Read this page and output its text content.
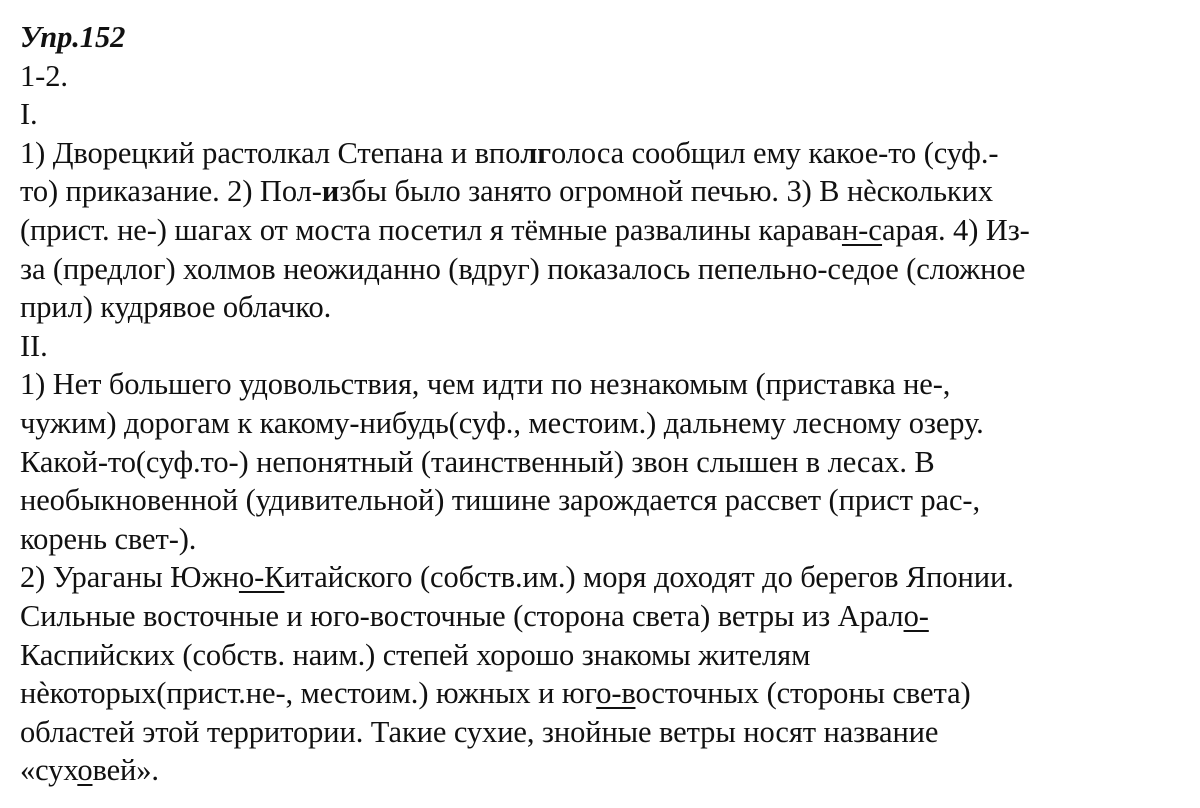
Упр.152
1-2.
I.
1) Дворецкий растолкал Степана и вполголоса сообщил ему какое-то (суф.-
то) приказание. 2) Пол-избы было занято огромной печью. 3) В нѐскольких
(прист. не-) шагах от моста посетил я тёмные развалины караван-сарая. 4) Из-
за (предлог) холмов неожиданно (вдруг) показалось пепельно-седое (сложное
прил) кудрявое облачко.
II.
1) Нет большего удовольствия, чем идти по незнакомым (приставка не-,
чужим) дорогам к какому-нибудь(суф., местоим.) дальнему лесному озеру.
Какой-то(суф.то-) непонятный (таинственный) звон слышен в лесах. В
необыкновенной (удивительной) тишине зарождается рассвет (прист рас-,
корень свет-).
2) Ураганы Южно-Китайского (собств.им.) моря доходят до берегов Японии.
Сильные восточные и юго-восточные (сторона света) ветры из Арало-
Каспийских (собств. наим.) степей хорошо знакомы жителям
нѐкоторых(прист.не-, местоим.) южных и юго-восточных (стороны света)
областей этой территории. Такие сухие, знойные ветры носят название
«суховей».
